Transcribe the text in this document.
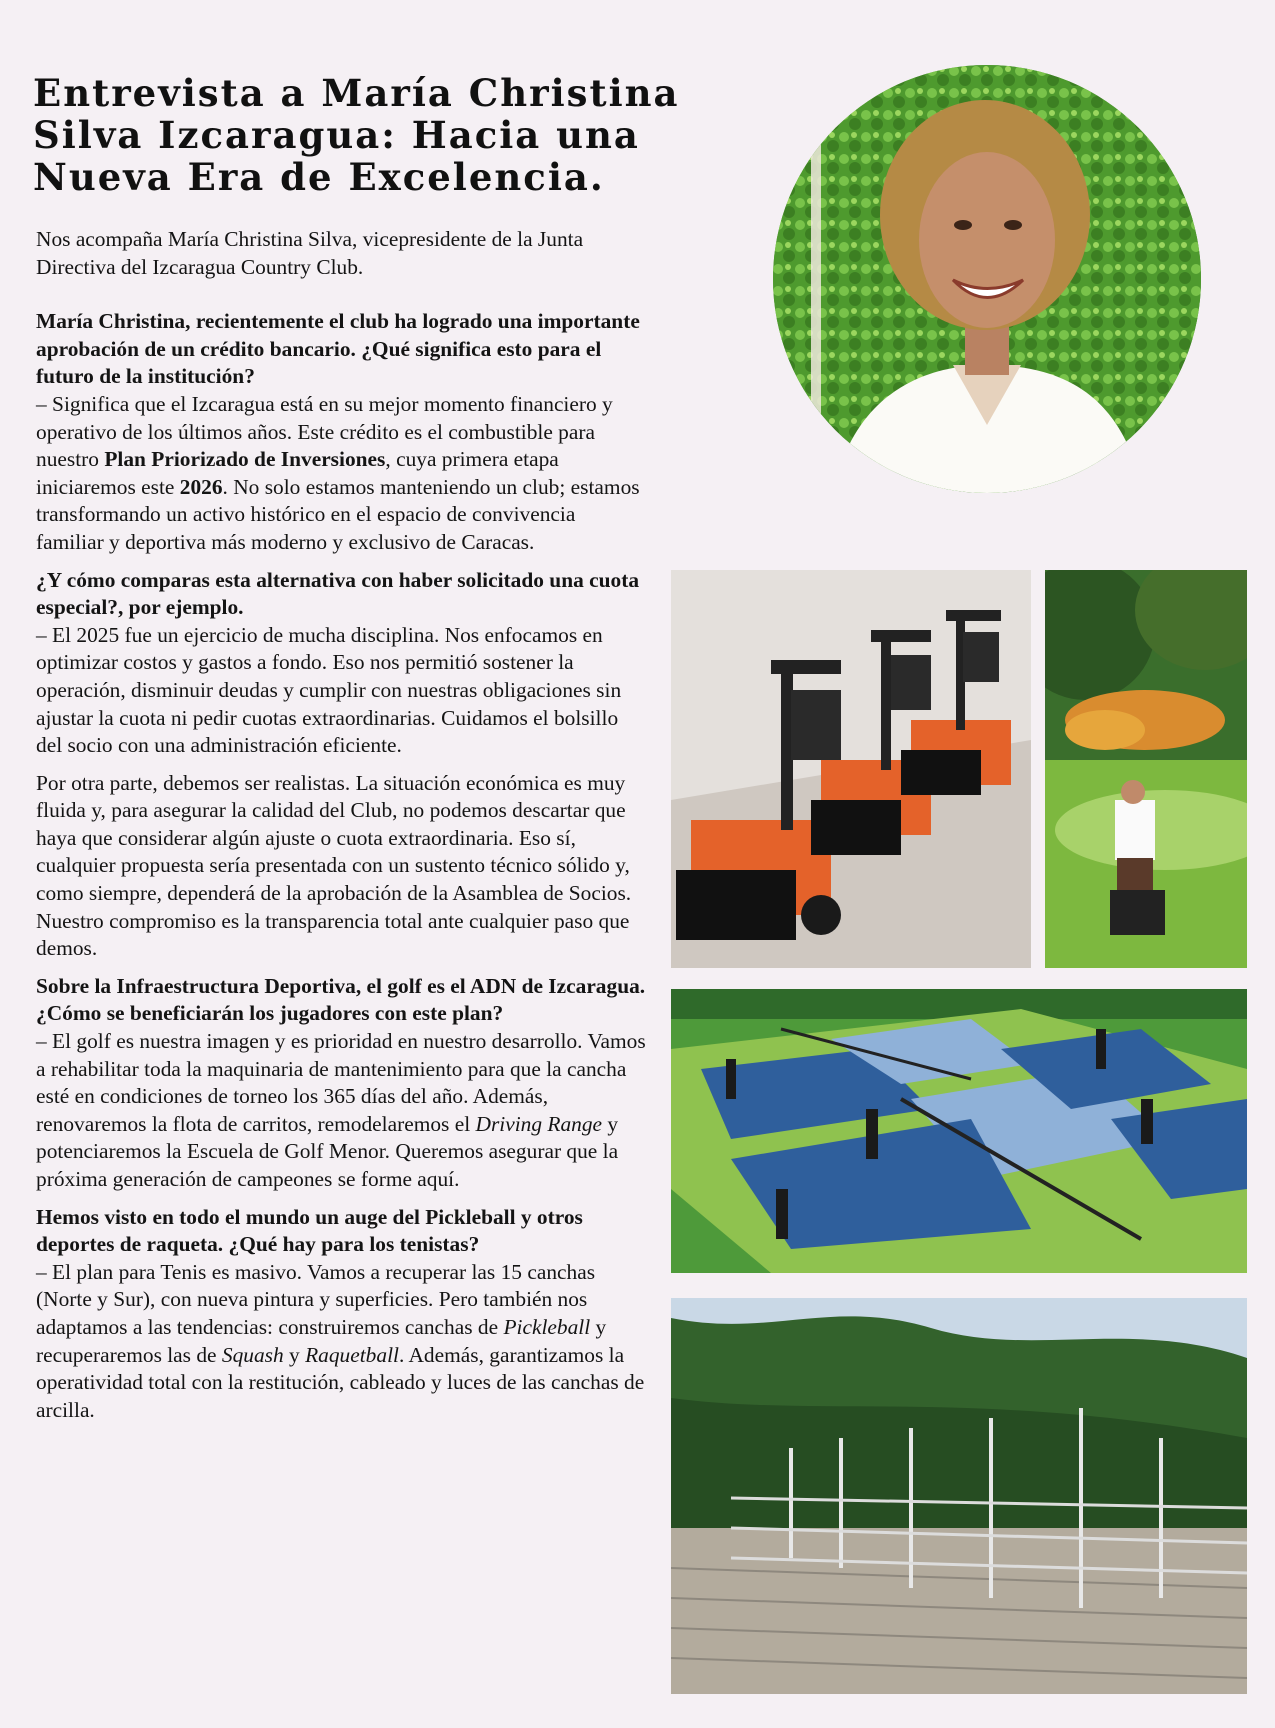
Entrevista a María Christina Silva Izcaragua: Hacia una Nueva Era de Excelencia.

Nos acompaña María Christina Silva, vicepresidente de la Junta Directiva del Izcaragua Country Club.

María Christina, recientemente el club ha logrado una importante aprobación de un crédito bancario. ¿Qué significa esto para el futuro de la institución?

– Significa que el Izcaragua está en su mejor momento financiero y operativo de los últimos años. Este crédito es el combustible para nuestro Plan Priorizado de Inversiones, cuya primera etapa iniciaremos este 2026. No solo estamos manteniendo un club; estamos transformando un activo histórico en el espacio de convivencia familiar y deportiva más moderno y exclusivo de Caracas.

¿Y cómo comparas esta alternativa con haber solicitado una cuota especial?, por ejemplo.

– El 2025 fue un ejercicio de mucha disciplina. Nos enfocamos en optimizar costos y gastos a fondo. Eso nos permitió sostener la operación, disminuir deudas y cumplir con nuestras obligaciones sin ajustar la cuota ni pedir cuotas extraordinarias. Cuidamos el bolsillo del socio con una administración eficiente.

Por otra parte, debemos ser realistas. La situación económica es muy fluida y, para asegurar la calidad del Club, no podemos descartar que haya que considerar algún ajuste o cuota extraordinaria. Eso sí, cualquier propuesta sería presentada con un sustento técnico sólido y, como siempre, dependerá de la aprobación de la Asamblea de Socios. Nuestro compromiso es la transparencia total ante cualquier paso que demos.

Sobre la Infraestructura Deportiva, el golf es el ADN de Izcaragua. ¿Cómo se beneficiarán los jugadores con este plan?

– El golf es nuestra imagen y es prioridad en nuestro desarrollo. Vamos a rehabilitar toda la maquinaria de mantenimiento para que la cancha esté en condiciones de torneo los 365 días del año. Además, renovaremos la flota de carritos, remodelaremos el Driving Range y potenciaremos la Escuela de Golf Menor. Queremos asegurar que la próxima generación de campeones se forme aquí.

Hemos visto en todo el mundo un auge del Pickleball y otros deportes de raqueta. ¿Qué hay para los tenistas?

– El plan para Tenis es masivo. Vamos a recuperar las 15 canchas (Norte y Sur), con nueva pintura y superficies. Pero también nos adaptamos a las tendencias: construiremos canchas de Pickleball y recuperaremos las de Squash y Raquetball. Además, garantizamos la operatividad total con la restitución, cableado y luces de las canchas de arcilla.
